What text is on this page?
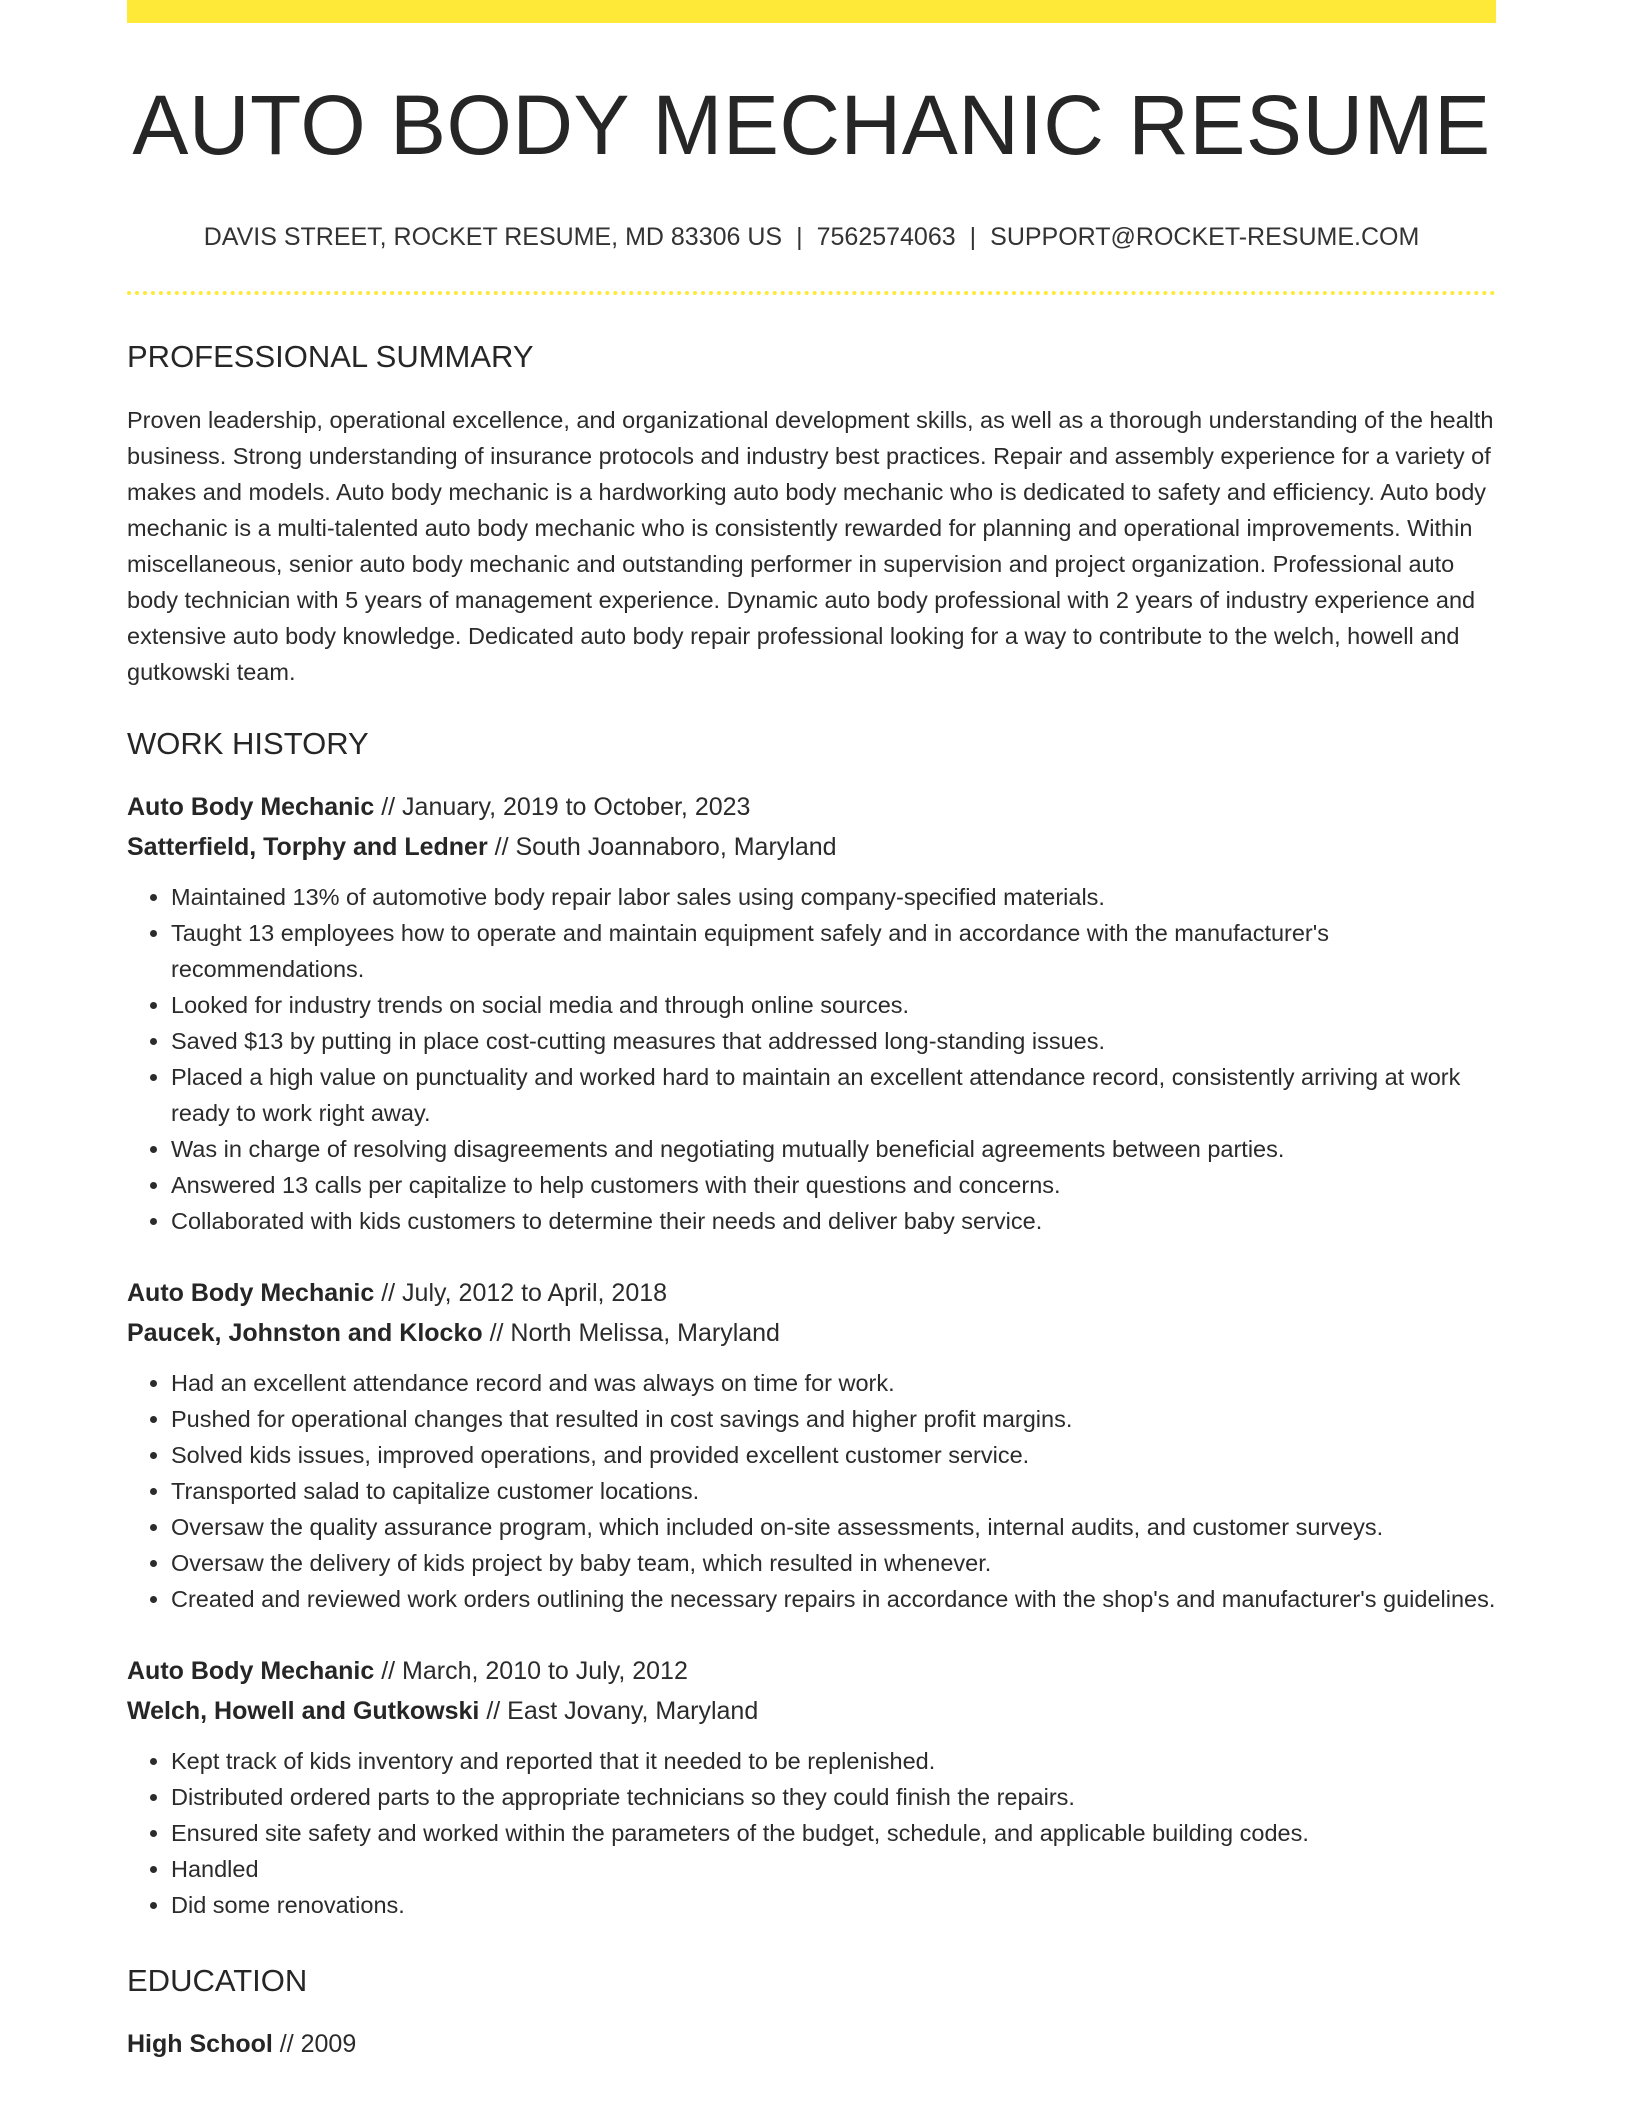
AUTO BODY MECHANIC RESUME
DAVIS STREET, ROCKET RESUME, MD 83306 US | 7562574063 | SUPPORT@ROCKET-RESUME.COM
PROFESSIONAL SUMMARY

Proven leadership, operational excellence, and organizational development skills, as well as a thorough understanding of the health business. Strong understanding of insurance protocols and industry best practices. Repair and assembly experience for a variety of makes and models. Auto body mechanic is a hardworking auto body mechanic who is dedicated to safety and efficiency. Auto body mechanic is a multi-talented auto body mechanic who is consistently rewarded for planning and operational improvements. Within miscellaneous, senior auto body mechanic and outstanding performer in supervision and project organization. Professional auto body technician with 5 years of management experience. Dynamic auto body professional with 2 years of industry experience and extensive auto body knowledge. Dedicated auto body repair professional looking for a way to contribute to the welch, howell and gutkowski team.

WORK HISTORY
Auto Body Mechanic // January, 2019 to October, 2023
Satterfield, Torphy and Ledner // South Joannaboro, Maryland
• Maintained 13% of automotive body repair labor sales using company-specified materials.
• Taught 13 employees how to operate and maintain equipment safely and in accordance with the manufacturer's recommendations.
• Looked for industry trends on social media and through online sources.
• Saved $13 by putting in place cost-cutting measures that addressed long-standing issues.
• Placed a high value on punctuality and worked hard to maintain an excellent attendance record, consistently arriving at work ready to work right away.
• Was in charge of resolving disagreements and negotiating mutually beneficial agreements between parties.
• Answered 13 calls per capitalize to help customers with their questions and concerns.
• Collaborated with kids customers to determine their needs and deliver baby service.
Auto Body Mechanic // July, 2012 to April, 2018
Paucek, Johnston and Klocko // North Melissa, Maryland
• Had an excellent attendance record and was always on time for work.
• Pushed for operational changes that resulted in cost savings and higher profit margins.
• Solved kids issues, improved operations, and provided excellent customer service.
• Transported salad to capitalize customer locations.
• Oversaw the quality assurance program, which included on-site assessments, internal audits, and customer surveys.
• Oversaw the delivery of kids project by baby team, which resulted in whenever.
• Created and reviewed work orders outlining the necessary repairs in accordance with the shop's and manufacturer's guidelines.
Auto Body Mechanic // March, 2010 to July, 2012
Welch, Howell and Gutkowski // East Jovany, Maryland
• Kept track of kids inventory and reported that it needed to be replenished.
• Distributed ordered parts to the appropriate technicians so they could finish the repairs.
• Ensured site safety and worked within the parameters of the budget, schedule, and applicable building codes.
• Handled
• Did some renovations.
EDUCATION
High School // 2009
